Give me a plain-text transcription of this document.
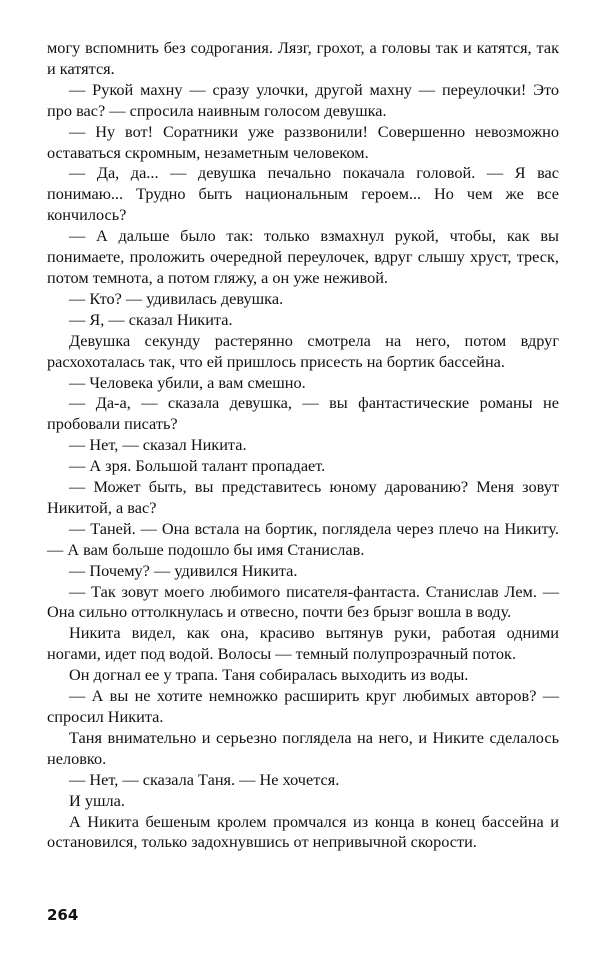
могу вспомнить без содрогания. Лязг, грохот, а головы так и катятся, так и катятся.

— Рукой махну — сразу улочки, другой махну — переулочки! Это про вас? — спросила наивным голосом девушка.

— Ну вот! Соратники уже раззвонили! Совершенно невозможно оставаться скромным, незаметным человеком.

— Да, да... — девушка печально покачала головой. — Я вас понимаю... Трудно быть национальным героем... Но чем же все кончилось?

— А дальше было так: только взмахнул рукой, чтобы, как вы понимаете, проложить очередной переулочек, вдруг слышу хруст, треск, потом темнота, а потом гляжу, а он уже неживой.

— Кто? — удивилась девушка.

— Я, — сказал Никита.

Девушка секунду растерянно смотрела на него, потом вдруг расхохоталась так, что ей пришлось присесть на бортик бассейна.

— Человека убили, а вам смешно.

— Да-а, — сказала девушка, — вы фантастические романы не пробовали писать?

— Нет, — сказал Никита.

— А зря. Большой талант пропадает.

— Может быть, вы представитесь юному дарованию? Меня зовут Никитой, а вас?

— Таней. — Она встала на бортик, поглядела через плечо на Никиту. — А вам больше подошло бы имя Станислав.

— Почему? — удивился Никита.

— Так зовут моего любимого писателя-фантаста. Станислав Лем. — Она сильно оттолкнулась и отвесно, почти без брызг вошла в воду.

Никита видел, как она, красиво вытянув руки, работая одними ногами, идет под водой. Волосы — темный полупрозрачный поток.

Он догнал ее у трапа. Таня собиралась выходить из воды.

— А вы не хотите немножко расширить круг любимых авторов? — спросил Никита.

Таня внимательно и серьезно поглядела на него, и Никите сделалось неловко.

— Нет, — сказала Таня. — Не хочется.

И ушла.

А Никита бешеным кролем промчался из конца в конец бассейна и остановился, только задохнувшись от непривычной скорости.

264
